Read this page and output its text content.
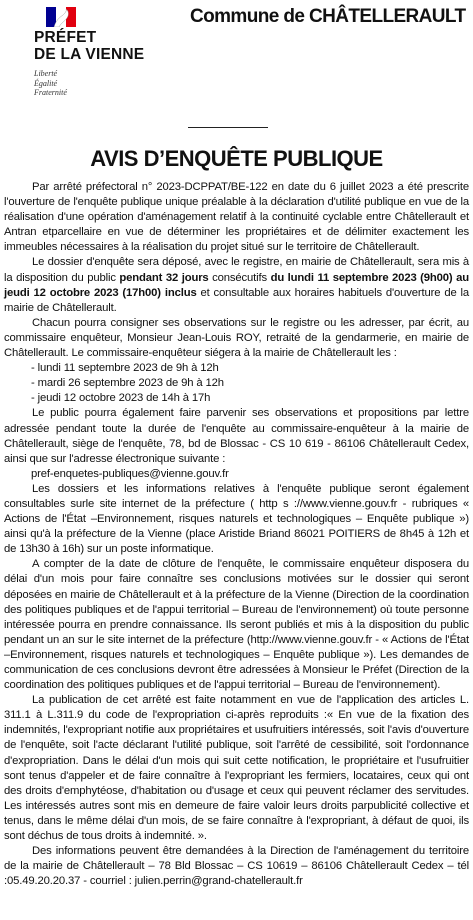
PRÉFET
DE LA VIENNE
Liberté
Égalité
Fraternité
Commune de CHÂTELLERAULT
AVIS D’ENQUÊTE PUBLIQUE

Par arrêté préfectoral n° 2023-DCPPAT/BE-122 en date du 6 juillet 2023 a été prescrite l'ouverture de l'enquête publique unique préalable à la déclaration d'utilité publique en vue de la réalisation d'une opération d'aménagement relatif à la continuité cyclable entre Châtellerault et Antran etparcellaire en vue de déterminer les propriétaires et de délimiter exactement les immeubles nécessaires à la réalisation du projet situé sur le territoire de Châtellerault.

Le dossier d'enquête sera déposé, avec le registre, en mairie de Châtellerault, sera mis à la disposition du public pendant 32 jours consécutifs du lundi 11 septembre 2023 (9h00) au jeudi 12 octobre 2023 (17h00) inclus et consultable aux horaires habituels d'ouverture de la mairie de Châtellerault.

Chacun pourra consigner ses observations sur le registre ou les adresser, par écrit, au commissaire enquêteur, Monsieur Jean-Louis ROY, retraité de la gendarmerie, en mairie de Châtellerault. Le commissaire-enquêteur siégera à la mairie de Châtellerault les :

- lundi 11 septembre 2023 de 9h à 12h

- mardi 26 septembre 2023 de 9h à 12h

- jeudi 12 octobre 2023 de 14h à 17h

Le public pourra également faire parvenir ses observations et propositions par lettre adressée pendant toute la durée de l'enquête au commissaire-enquêteur à la mairie de Châtellerault, siège de l'enquête, 78, bd de Blossac - CS 10 619 - 86106 Châtellerault Cedex, ainsi que sur l'adresse électronique suivante :

pref-enquetes-publiques@vienne.gouv.fr

Les dossiers et les informations relatives à l'enquête publique seront également consultables surle site internet de la préfecture ( http s ://www.vienne.gouv.fr - rubriques « Actions de l'État –Environnement, risques naturels et technologiques – Enquête publique ») ainsi qu'à la préfecture de la Vienne (place Aristide Briand 86021 POITIERS de 8h45 à 12h et de 13h30 à 16h) sur un poste informatique.

A compter de la date de clôture de l'enquête, le commissaire enquêteur disposera du délai d'un mois pour faire connaître ses conclusions motivées sur le dossier qui seront déposées en mairie de Châtellerault et à la préfecture de la Vienne (Direction de la coordination des politiques publiques et de l'appui territorial – Bureau de l'environnement) où toute personne intéressée pourra en prendre connaissance. Ils seront publiés et mis à la disposition du public pendant un an sur le site internet de la préfecture (http://www.vienne.gouv.fr - « Actions de l'État –Environnement, risques naturels et technologiques – Enquête publique »). Les demandes de communication de ces conclusions devront être adressées à Monsieur le Préfet (Direction de la coordination des politiques publiques et de l'appui territorial – Bureau de l'environnement).

La publication de cet arrêté est faite notamment en vue de l'application des articles L. 311.1 à L.311.9 du code de l'expropriation ci-après reproduits :« En vue de la fixation des indemnités, l'expropriant notifie aux propriétaires et usufruitiers intéressés, soit l'avis d'ouverture de l'enquête, soit l'acte déclarant l'utilité publique, soit l'arrêté de cessibilité, soit l'ordonnance d'expropriation. Dans le délai d'un mois qui suit cette notification, le propriétaire et l'usufruitier sont tenus d'appeler et de faire connaître à l'expropriant les fermiers, locataires, ceux qui ont des droits d'emphytéose, d'habitation ou d'usage et ceux qui peuvent réclamer des servitudes. Les intéressés autres sont mis en demeure de faire valoir leurs droits parpublicité collective et tenus, dans le même délai d'un mois, de se faire connaître à l'expropriant, à défaut de quoi, ils sont déchus de tous droits à indemnité. ».

Des informations peuvent être demandées à la Direction de l'aménagement du territoire de la mairie de Châtellerault – 78 Bld Blossac – CS 10619 – 86106 Châtellerault Cedex – tél :05.49.20.20.37 - courriel : julien.perrin@grand-chatellerault.fr
